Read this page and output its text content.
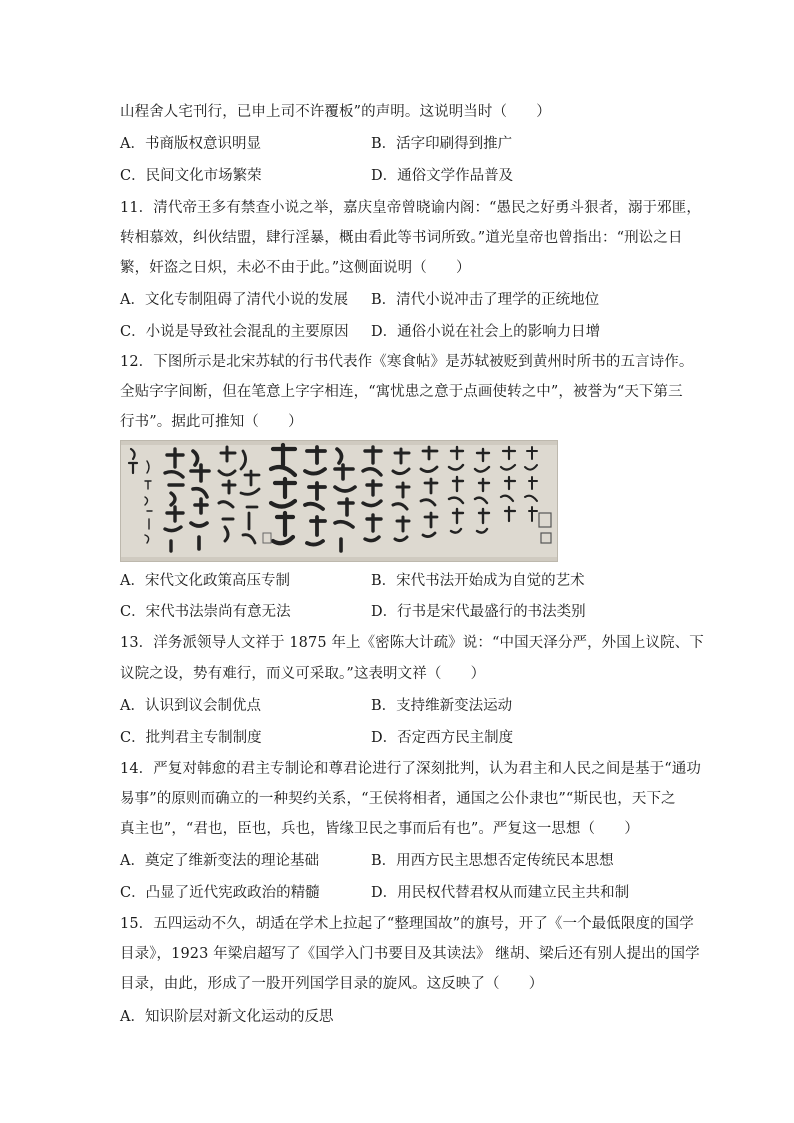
山程舍人宅刊行，已申上司不许覆板”的声明。这说明当时（　　）
A．书商版权意识明显	B．活字印刷得到推广
C．民间文化市场繁荣	D．通俗文学作品普及
11．清代帝王多有禁查小说之举，嘉庆皇帝曾晓谕内阁：“愚民之好勇斗狠者，溺于邪匪，
转相慕效，纠伙结盟，肆行淫暴，概由看此等书词所致。”道光皇帝也曾指出：“刑讼之日
繁，奸盗之日炽，未必不由于此。”这侧面说明（　　）
A．文化专制阻碍了清代小说的发展 B．清代小说冲击了理学的正统地位
C．小说是导致社会混乱的主要原因 D．通俗小说在社会上的影响力日增
12．下图所示是北宋苏轼的行书代表作《寒食帖》是苏轼被贬到黄州时所书的五言诗作。
全贴字字间断，但在笔意上字字相连，“寓忧患之意于点画使转之中”，被誉为“天下第三
行书”。据此可推知（　　）
A．宋代文化政策高压专制	B．宋代书法开始成为自觉的艺术
C．宋代书法崇尚有意无法	D．行书是宋代最盛行的书法类别
13．洋务派领导人文祥于 1875 年上《密陈大计疏》说：“中国天泽分严，外国上议院、下
议院之设，势有难行，而义可采取。”这表明文祥（　　）
A．认识到议会制优点	B．支持维新变法运动
C．批判君主专制制度	D．否定西方民主制度
14．严复对韩愈的君主专制论和尊君论进行了深刻批判，认为君主和人民之间是基于“通功
易事”的原则而确立的一种契约关系，“王侯将相者，通国之公仆隶也”“斯民也，天下之
真主也”，“君也，臣也，兵也，皆缘卫民之事而后有也”。严复这一思想（　　）
A．奠定了维新变法的理论基础	B．用西方民主思想否定传统民本思想
C．凸显了近代宪政政治的精髓	D．用民权代替君权从而建立民主共和制
15．五四运动不久，胡适在学术上拉起了“整理国故”的旗号，开了《一个最低限度的国学
目录》，1923 年梁启超写了《国学入门书要目及其读法》 继胡、梁后还有别人提出的国学
目录，由此，形成了一股开列国学目录的旋风。这反映了（　　）
A．知识阶层对新文化运动的反思
